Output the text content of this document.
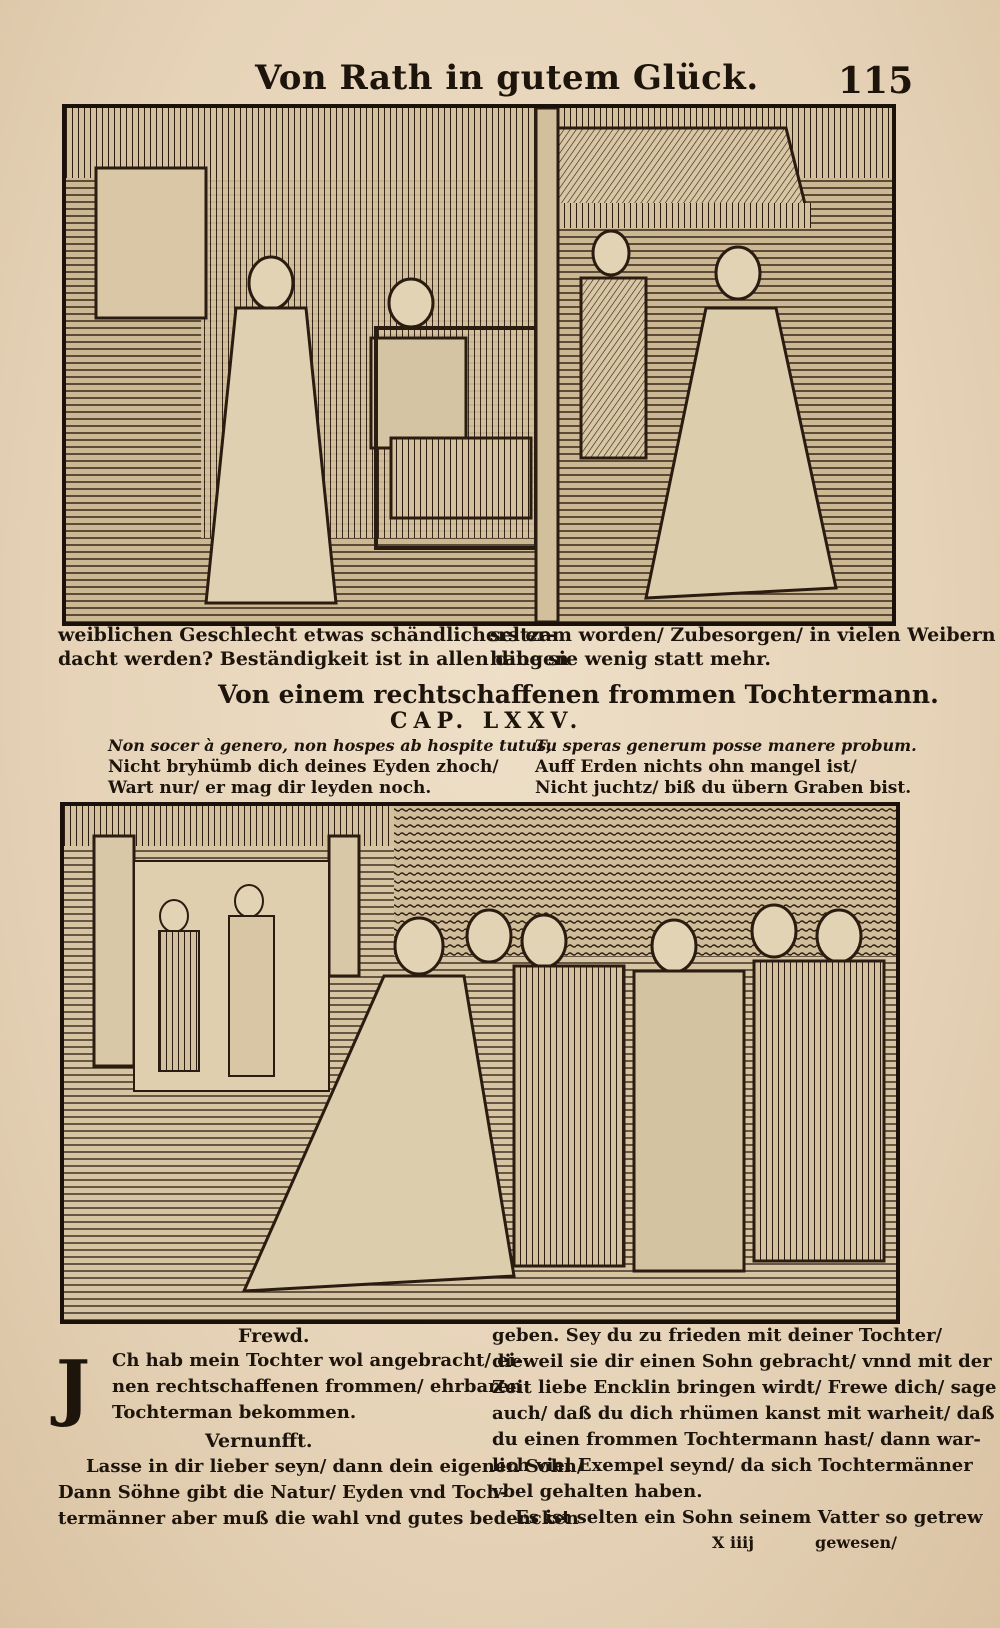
Von Rath in gutem Glück. 115
weiblichen Geschlecht etwas schändlichers er-
dacht werden? Beständigkeit ist in allen dingen
seltzam worden/ Zubesorgen/ in vielen Weibern
habe sie wenig statt mehr.
Von einem rechtschaffenen frommen Tochtermann.
CAP. LXXV.
Non socer à genero, non hospes ab hospite tutus,
Nicht bryhümb dich deines Eyden zhoch/
Wart nur/ er mag dir leyden noch.
Tu speras generum posse manere probum.
Auff Erden nichts ohn mangel ist/
Nicht juchtz/ biß du übern Graben bist.
Frewd.
J	Ch hab mein Tochter wol angebracht/ ei-
nen rechtschaffenen frommen/ ehrbaren
Tochterman bekommen.
Vernunfft.
Lasse in dir lieber seyn/ dann dein eigenen Sohn/
Dann Söhne gibt die Natur/ Eyden vnd Toch-
termänner aber muß die wahl vnd gutes bedencken
geben. Sey du zu frieden mit deiner Tochter/
dieweil sie dir einen Sohn gebracht/ vnnd mit der
Zeit liebe Encklin bringen wirdt/ Frewe dich/ sage
auch/ daß du dich rhümen kanst mit warheit/ daß
du einen frommen Tochtermann hast/ dann war-
lich viel Exempel seynd/ da sich Tochtermänner
vbel gehalten haben.
Es ist selten ein Sohn seinem Vatter so getrew
X iiij	gewesen/
